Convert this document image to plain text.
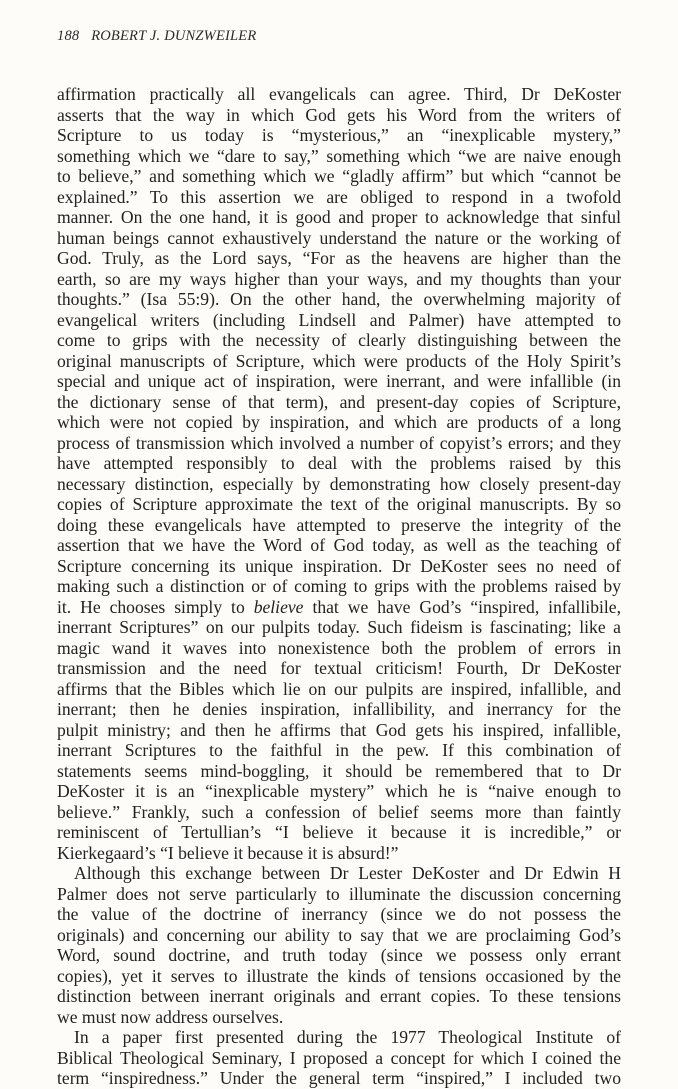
188 ROBERT J. DUNZWEILER
affirmation practically all evangelicals can agree. Third, Dr DeKoster
asserts that the way in which God gets his Word from the writers of
Scripture to us today is “mysterious,” an “inexplicable mystery,”
something which we “dare to say,” something which “we are naive enough
to believe,” and something which we “gladly affirm” but which “cannot be
explained.” To this assertion we are obliged to respond in a twofold
manner. On the one hand, it is good and proper to acknowledge that sinful
human beings cannot exhaustively understand the nature or the working of
God. Truly, as the Lord says, “For as the heavens are higher than the
earth, so are my ways higher than your ways, and my thoughts than your
thoughts.” (Isa 55:9). On the other hand, the overwhelming majority of
evangelical writers (including Lindsell and Palmer) have attempted to
come to grips with the necessity of clearly distinguishing between the
original manuscripts of Scripture, which were products of the Holy Spirit’s
special and unique act of inspiration, were inerrant, and were infallible (in
the dictionary sense of that term), and present-day copies of Scripture,
which were not copied by inspiration, and which are products of a long
process of transmission which involved a number of copyist’s errors; and they
have attempted responsibly to deal with the problems raised by this
necessary distinction, especially by demonstrating how closely present-day
copies of Scripture approximate the text of the original manuscripts. By so
doing these evangelicals have attempted to preserve the integrity of the
assertion that we have the Word of God today, as well as the teaching of
Scripture concerning its unique inspiration. Dr DeKoster sees no need of
making such a distinction or of coming to grips with the problems raised by
it. He chooses simply to believe that we have God’s “inspired, infallibile,
inerrant Scriptures” on our pulpits today. Such fideism is fascinating; like a
magic wand it waves into nonexistence both the problem of errors in
transmission and the need for textual criticism! Fourth, Dr DeKoster
affirms that the Bibles which lie on our pulpits are inspired, infallible, and
inerrant; then he denies inspiration, infallibility, and inerrancy for the
pulpit ministry; and then he affirms that God gets his inspired, infallible,
inerrant Scriptures to the faithful in the pew. If this combination of
statements seems mind-boggling, it should be remembered that to Dr
DeKoster it is an “inexplicable mystery” which he is “naive enough to
believe.” Frankly, such a confession of belief seems more than faintly
reminiscent of Tertullian’s “I believe it because it is incredible,” or
Kierkegaard’s “I believe it because it is absurd!”
Although this exchange between Dr Lester DeKoster and Dr Edwin H
Palmer does not serve particularly to illuminate the discussion concerning
the value of the doctrine of inerrancy (since we do not possess the
originals) and concerning our ability to say that we are proclaiming God’s
Word, sound doctrine, and truth today (since we possess only errant
copies), yet it serves to illustrate the kinds of tensions occasioned by the
distinction between inerrant originals and errant copies. To these tensions
we must now address ourselves.
In a paper first presented during the 1977 Theological Institute of
Biblical Theological Seminary, I proposed a concept for which I coined the
term “inspiredness.” Under the general term “inspired,” I included two
